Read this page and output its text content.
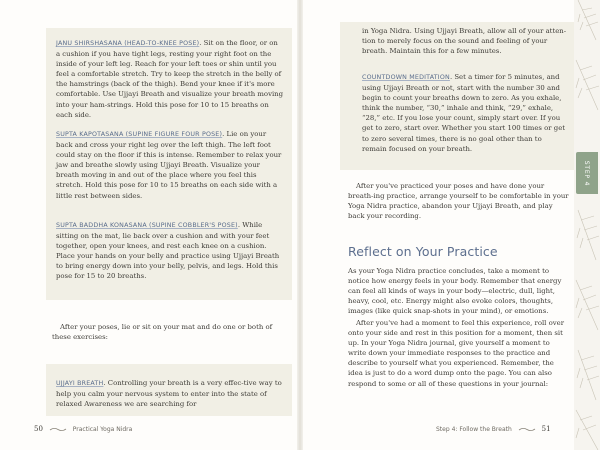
STEP 4
JANU SHIRSHASANA (HEAD-TO-KNEE POSE). Sit on the floor, or on a cushion if you have tight legs, resting your right foot on the inside of your left leg. Reach for your left toes or shin until you feel a comfortable stretch. Try to keep the stretch in the belly of the hamstrings (back of the thigh). Bend your knee if it's more comfortable. Use Ujjayi Breath and visualize your breath moving into your ham-strings. Hold this pose for 10 to 15 breaths on each side.
SUPTA KAPOTASANA (SUPINE FIGURE FOUR POSE). Lie on your back and cross your right leg over the left thigh. The left foot could stay on the floor if this is intense. Remember to relax your jaw and breathe slowly using Ujjayi Breath. Visualize your breath moving in and out of the place where you feel this stretch. Hold this pose for 10 to 15 breaths on each side with a little rest between sides.
SUPTA BADDHA KONASANA (SUPINE COBBLER'S POSE). While sitting on the mat, lie back over a cushion and with your feet together, open your knees, and rest each knee on a cushion. Place your hands on your belly and practice using Ujjayi Breath to bring energy down into your belly, pelvis, and legs. Hold this pose for 15 to 20 breaths.
After your poses, lie or sit on your mat and do one or both of these exercises:
UJJAYI BREATH. Controlling your breath is a very effec-tive way to help you calm your nervous system to enter into the state of relaxed Awareness we are searching for
50	Practical Yoga Nidra
in Yoga Nidra. Using Ujjayi Breath, allow all of your atten-tion to merely focus on the sound and feeling of your breath. Maintain this for a few minutes.
COUNTDOWN MEDITATION. Set a timer for 5 minutes, and using Ujjayi Breath or not, start with the number 30 and begin to count your breaths down to zero. As you exhale, think the number, “30,” inhale and think, “29,” exhale, “28,” etc. If you lose your count, simply start over. If you get to zero, start over. Whether you start 100 times or get to zero several times, there is no goal other than to remain focused on your breath.
After you've practiced your poses and have done your breath-ing practice, arrange yourself to be comfortable in your Yoga Nidra practice, abandon your Ujjayi Breath, and play back your recording.
Reflect on Your Practice
As your Yoga Nidra practice concludes, take a moment to notice how energy feels in your body. Remember that energy can feel all kinds of ways in your body—electric, dull, light, heavy, cool, etc. Energy might also evoke colors, thoughts, images (like quick snap-shots in your mind), or emotions.
After you've had a moment to feel this experience, roll over onto your side and rest in this position for a moment, then sit up. In your Yoga Nidra journal, give yourself a moment to write down your immediate responses to the practice and describe to yourself what you experienced. Remember, the idea is just to do a word dump onto the page. You can also respond to some or all of these questions in your journal:
Step 4: Follow the Breath	51
